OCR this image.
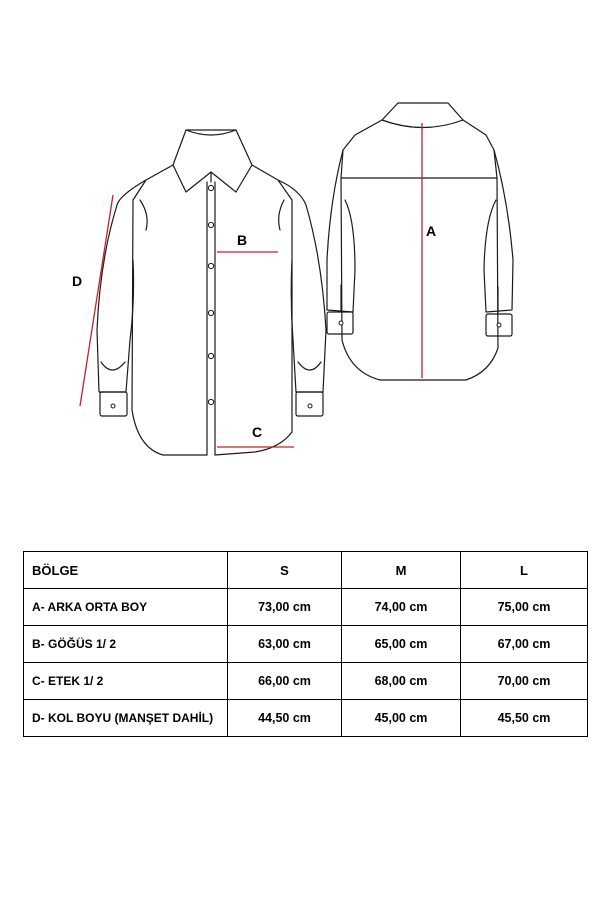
B
C
D
A
BÖLGE	S	M	L
A- ARKA ORTA BOY	73,00 cm	74,00 cm	75,00 cm
B- GÖĞÜS 1/ 2	63,00 cm	65,00 cm	67,00 cm
C- ETEK 1/ 2	66,00 cm	68,00 cm	70,00 cm
D- KOL BOYU (MANŞET DAHİL)	44,50 cm	45,00 cm	45,50 cm
